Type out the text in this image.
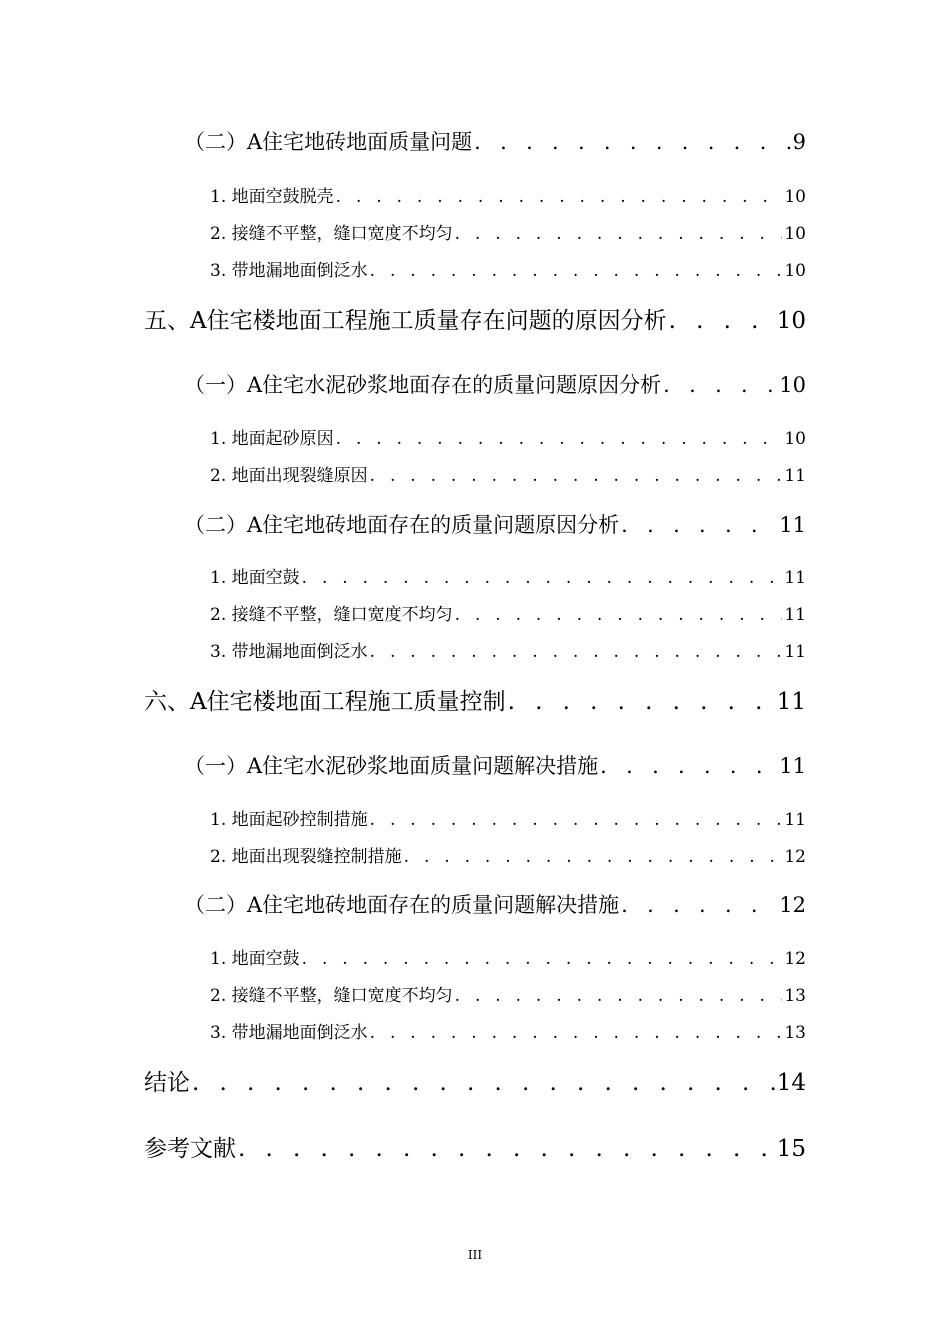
（二）A住宅地砖地面质量问题 . . .	9
1. 地面空鼓脱壳 . . .	10
2. 接缝不平整，缝口宽度不均匀 . . .	10
3. 带地漏地面倒泛水 . . .	10
五、A住宅楼地面工程施工质量存在问题的原因分析 . . .	10
（一）A住宅水泥砂浆地面存在的质量问题原因分析 . . .	10
1. 地面起砂原因 . . .	10
2. 地面出现裂缝原因 . . .	11
（二）A住宅地砖地面存在的质量问题原因分析 . . .	11
1. 地面空鼓 . . .	11
2. 接缝不平整，缝口宽度不均匀 . . .	11
3. 带地漏地面倒泛水 . . .	11
六、A住宅楼地面工程施工质量控制 . . .	11
（一）A住宅水泥砂浆地面质量问题解决措施 . . .	11
1. 地面起砂控制措施 . . .	11
2. 地面出现裂缝控制措施 . . .	12
（二）A住宅地砖地面存在的质量问题解决措施 . . .	12
1. 地面空鼓 . . .	12
2. 接缝不平整，缝口宽度不均匀 . . .	13
3. 带地漏地面倒泛水 . . .	13
结论 . . .	14
参考文献 . . .	15
III
